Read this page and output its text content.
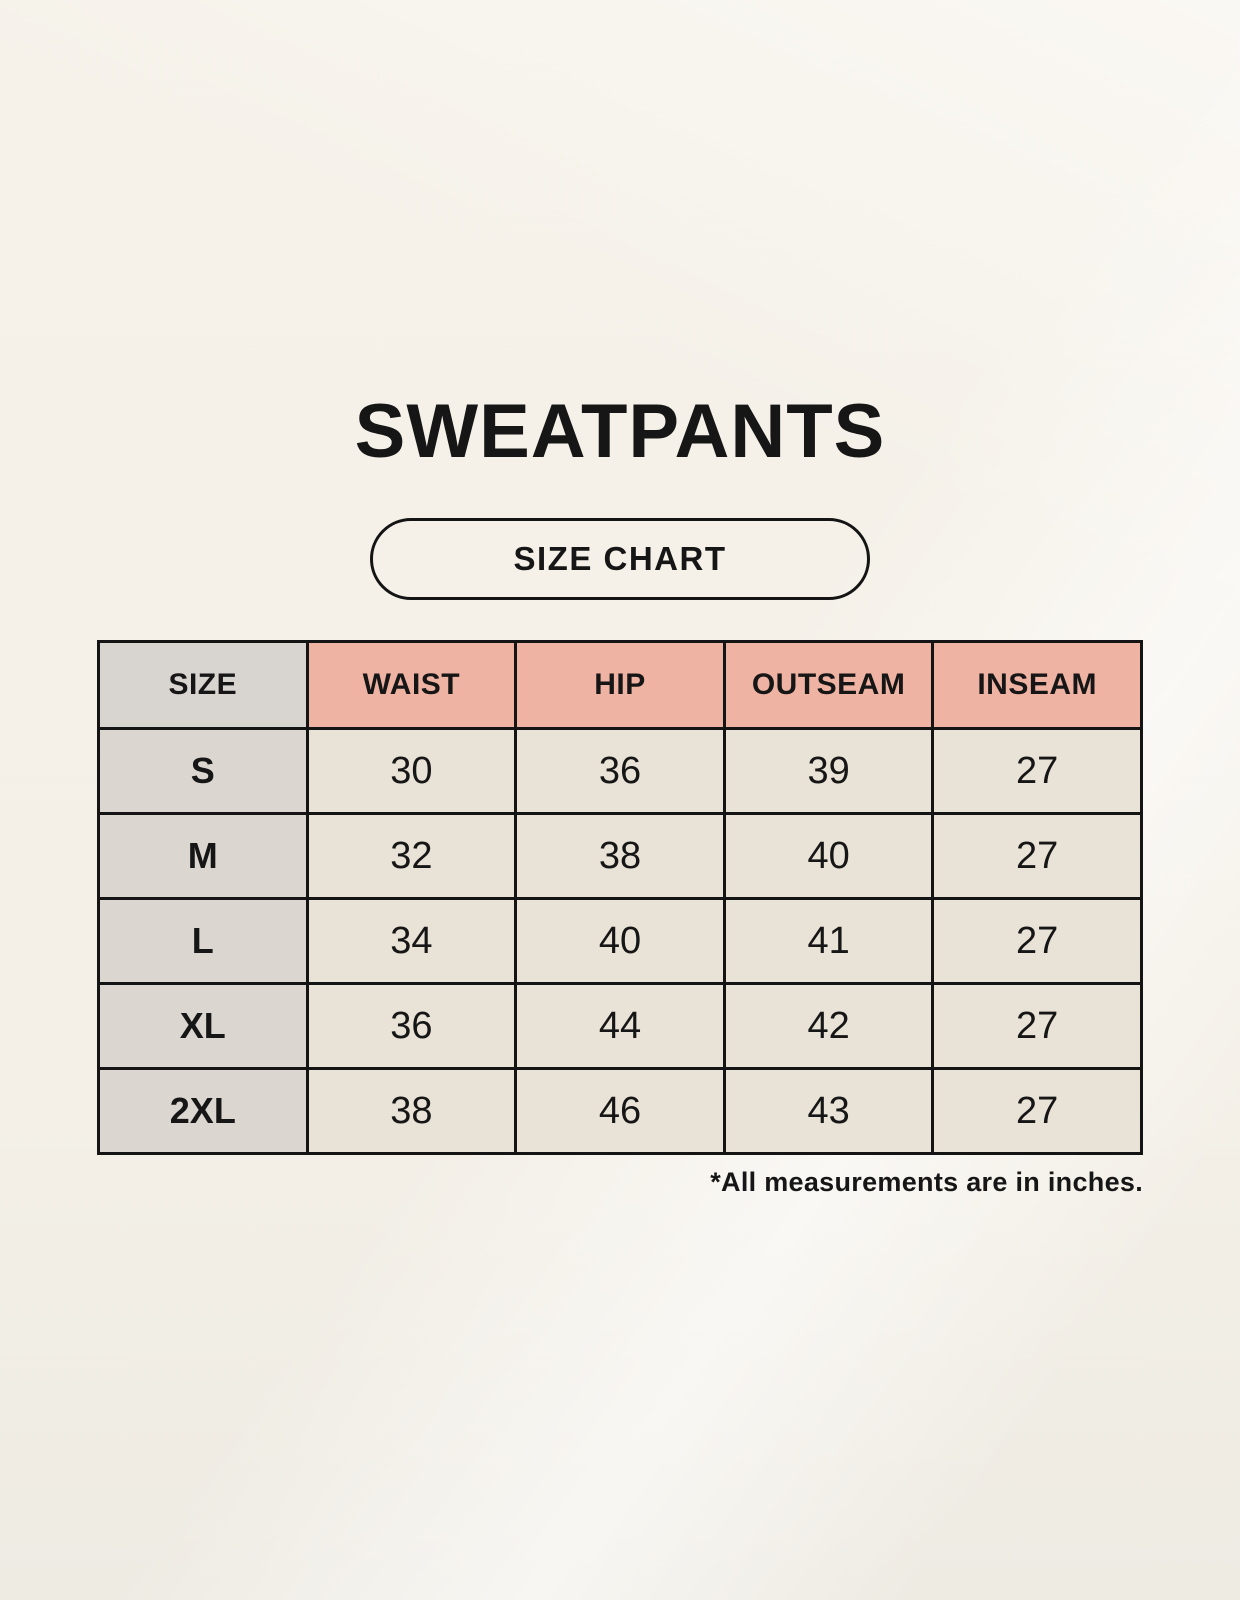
SWEATPANTS
SIZE CHART
SIZE	WAIST	HIP	OUTSEAM	INSEAM
S	30	36	39	27
M	32	38	40	27
L	34	40	41	27
XL	36	44	42	27
2XL	38	46	43	27
*All measurements are in inches.
